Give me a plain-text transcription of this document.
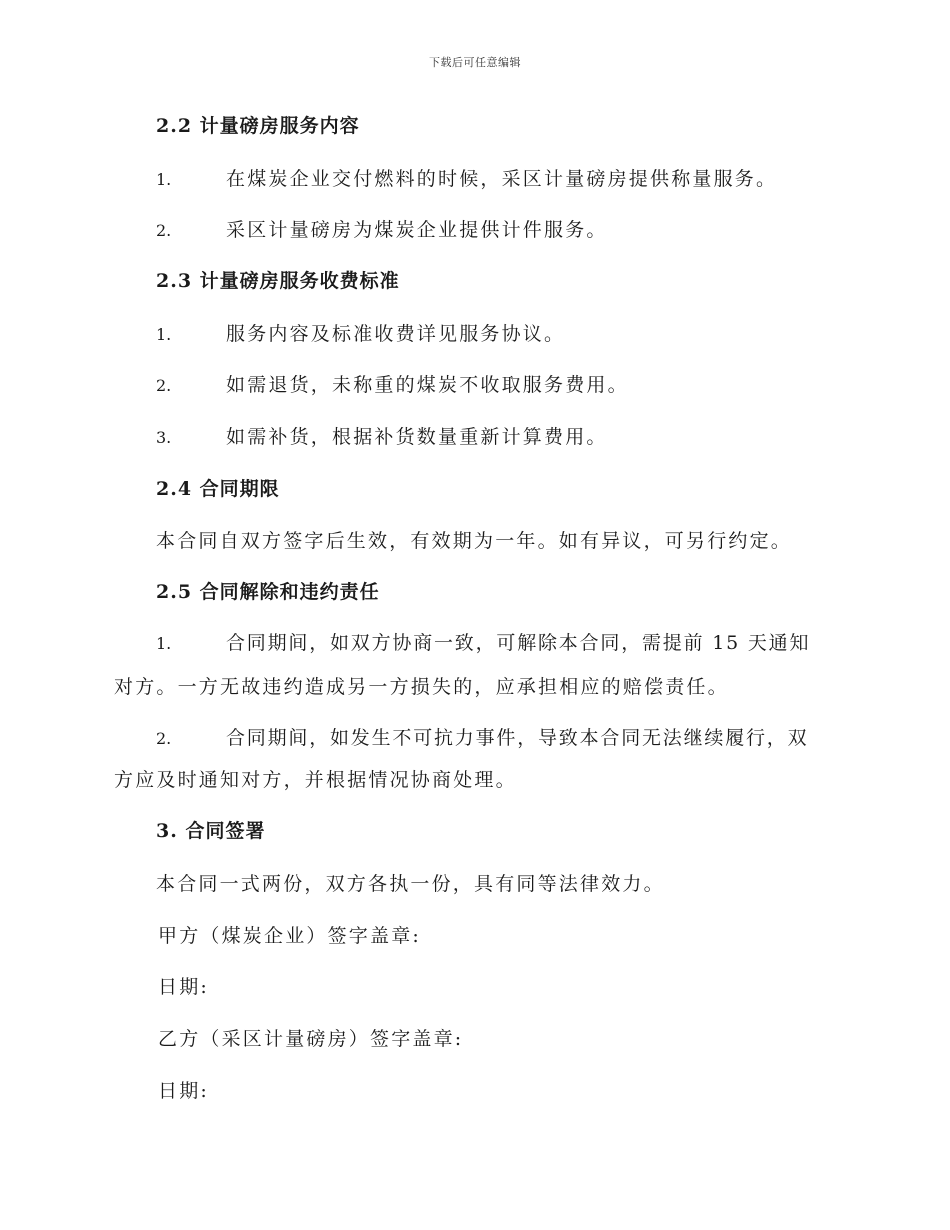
下载后可任意编辑
2.2 计量磅房服务内容
1.	在煤炭企业交付燃料的时候，采区计量磅房提供称量服务。
2.	采区计量磅房为煤炭企业提供计件服务。
2.3 计量磅房服务收费标准
1.	服务内容及标准收费详见服务协议。
2.	如需退货，未称重的煤炭不收取服务费用。
3.	如需补货，根据补货数量重新计算费用。
2.4 合同期限
本合同自双方签字后生效，有效期为一年。如有异议，可另行约定。
2.5 合同解除和违约责任
1.	合同期间，如双方协商一致，可解除本合同，需提前 15 天通知
对方。一方无故违约造成另一方损失的，应承担相应的赔偿责任。
2.	合同期间，如发生不可抗力事件，导致本合同无法继续履行，双
方应及时通知对方，并根据情况协商处理。
3. 合同签署
本合同一式两份，双方各执一份，具有同等法律效力。
甲方（煤炭企业）签字盖章:
日期:
乙方（采区计量磅房）签字盖章:
日期:
